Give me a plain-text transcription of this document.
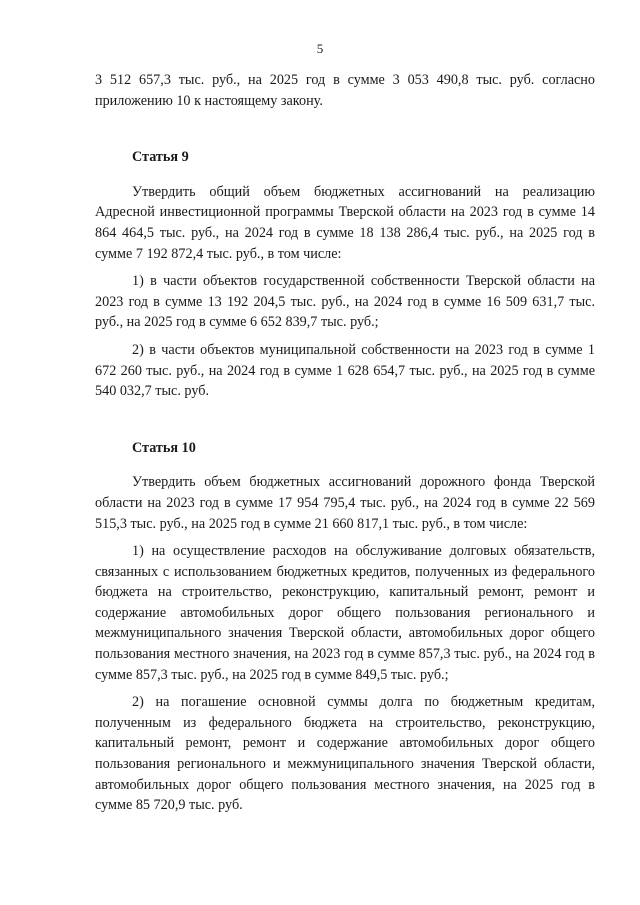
5

3 512 657,3 тыс. руб., на 2025 год в сумме 3 053 490,8 тыс. руб. согласно приложению 10 к настоящему закону.

Статья 9

Утвердить общий объем бюджетных ассигнований на реализацию Адресной инвестиционной программы Тверской области на 2023 год в сумме 14 864 464,5 тыс. руб., на 2024 год в сумме 18 138 286,4 тыс. руб., на 2025 год в сумме 7 192 872,4 тыс. руб., в том числе:

1) в части объектов государственной собственности Тверской области на 2023 год в сумме 13 192 204,5 тыс. руб., на 2024 год в сумме 16 509 631,7 тыс. руб., на 2025 год в сумме 6 652 839,7 тыс. руб.;

2) в части объектов муниципальной собственности на 2023 год в сумме 1 672 260 тыс. руб., на 2024 год в сумме 1 628 654,7 тыс. руб., на 2025 год в сумме 540 032,7 тыс. руб.

Статья 10

Утвердить объем бюджетных ассигнований дорожного фонда Тверской области на 2023 год в сумме 17 954 795,4 тыс. руб., на 2024 год в сумме 22 569 515,3 тыс. руб., на 2025 год в сумме 21 660 817,1 тыс. руб., в том числе:

1) на осуществление расходов на обслуживание долговых обязательств, связанных с использованием бюджетных кредитов, полученных из федерального бюджета на строительство, реконструкцию, капитальный ремонт, ремонт и содержание автомобильных дорог общего пользования регионального и межмуниципального значения Тверской области, автомобильных дорог общего пользования местного значения, на 2023 год в сумме 857,3 тыс. руб., на 2024 год в сумме 857,3 тыс. руб., на 2025 год в сумме 849,5 тыс. руб.;

2) на погашение основной суммы долга по бюджетным кредитам, полученным из федерального бюджета на строительство, реконструкцию, капитальный ремонт, ремонт и содержание автомобильных дорог общего пользования регионального и межмуниципального значения Тверской области, автомобильных дорог общего пользования местного значения, на 2025 год в сумме 85 720,9 тыс. руб.
